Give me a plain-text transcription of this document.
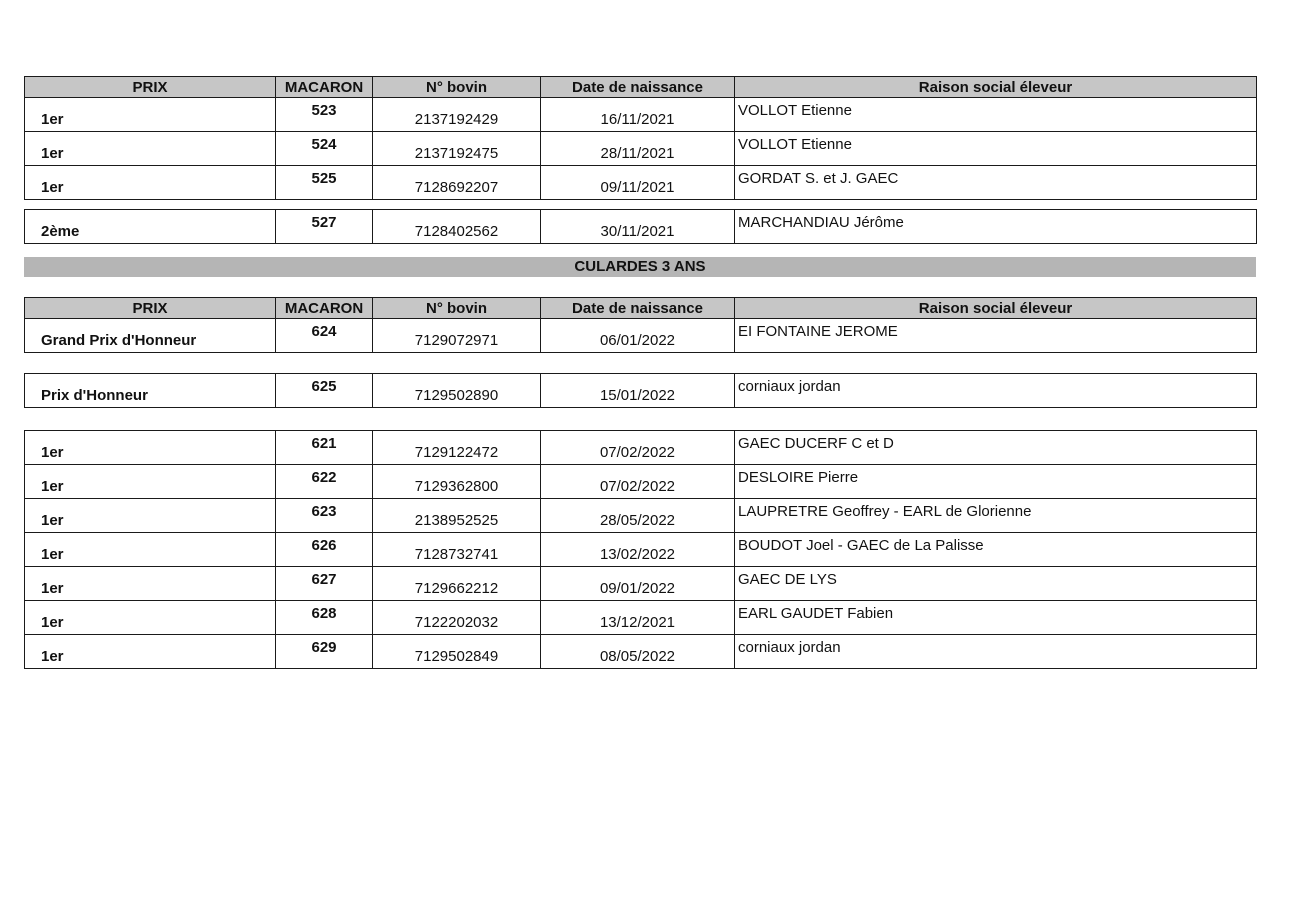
PRIX	MACARON	N° bovin	Date de naissance	Raison social éleveur
1er	523	2137192429	16/11/2021	VOLLOT Etienne
1er	524	2137192475	28/11/2021	VOLLOT Etienne
1er	525	7128692207	09/11/2021	GORDAT S. et J. GAEC
2ème	527	7128402562	30/11/2021	MARCHANDIAU Jérôme
CULARDES 3 ANS
PRIX	MACARON	N° bovin	Date de naissance	Raison social éleveur
Grand Prix d'Honneur	624	7129072971	06/01/2022	EI FONTAINE JEROME
Prix d'Honneur	625	7129502890	15/01/2022	corniaux jordan
1er	621	7129122472	07/02/2022	GAEC DUCERF C et D
1er	622	7129362800	07/02/2022	DESLOIRE Pierre
1er	623	2138952525	28/05/2022	LAUPRETRE Geoffrey - EARL de Glorienne
1er	626	7128732741	13/02/2022	BOUDOT Joel - GAEC de La Palisse
1er	627	7129662212	09/01/2022	GAEC DE LYS
1er	628	7122202032	13/12/2021	EARL GAUDET Fabien
1er	629	7129502849	08/05/2022	corniaux jordan
